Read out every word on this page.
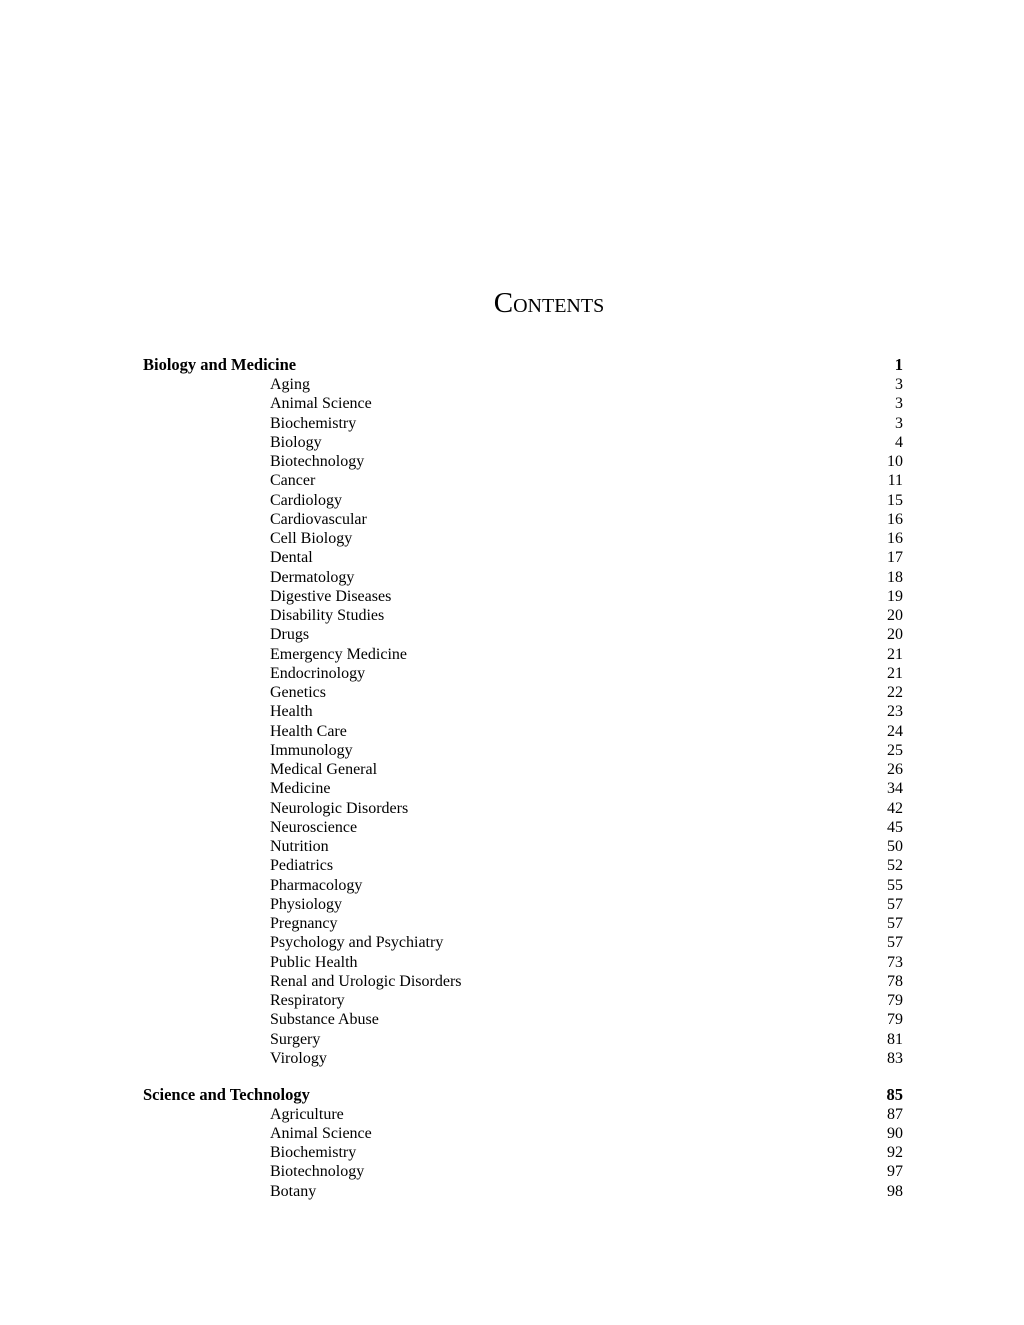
Contents
Biology and Medicine	1
Aging	3
Animal Science	3
Biochemistry	3
Biology	4
Biotechnology	10
Cancer	11
Cardiology	15
Cardiovascular	16
Cell Biology	16
Dental	17
Dermatology	18
Digestive Diseases	19
Disability Studies	20
Drugs	20
Emergency Medicine	21
Endocrinology	21
Genetics	22
Health	23
Health Care	24
Immunology	25
Medical General	26
Medicine	34
Neurologic Disorders	42
Neuroscience	45
Nutrition	50
Pediatrics	52
Pharmacology	55
Physiology	57
Pregnancy	57
Psychology and Psychiatry	57
Public Health	73
Renal and Urologic Disorders	78
Respiratory	79
Substance Abuse	79
Surgery	81
Virology	83
Science and Technology	85
Agriculture	87
Animal Science	90
Biochemistry	92
Biotechnology	97
Botany	98
